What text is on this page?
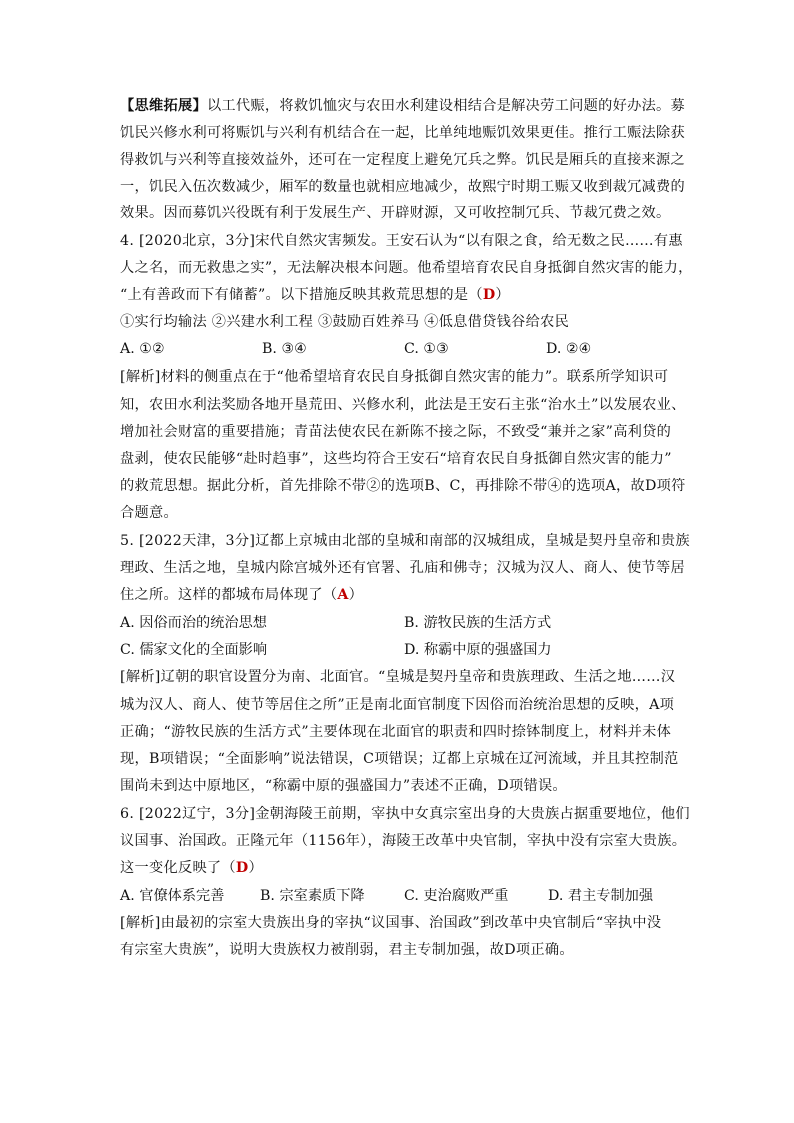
【思维拓展】以工代赈，将救饥恤灾与农田水利建设相结合是解决劳工问题的好办法。募
饥民兴修水利可将赈饥与兴利有机结合在一起，比单纯地赈饥效果更佳。推行工赈法除获
得救饥与兴利等直接效益外，还可在一定程度上避免冗兵之弊。饥民是厢兵的直接来源之
一，饥民入伍次数减少，厢军的数量也就相应地减少，故熙宁时期工赈又收到裁冗减费的
效果。因而募饥兴役既有利于发展生产、开辟财源，又可收控制冗兵、节裁冗费之效。
4. [2020北京，3分]宋代自然灾害频发。王安石认为“以有限之食，给无数之民……有惠
人之名，而无救患之实”，无法解决根本问题。他希望培育农民自身抵御自然灾害的能力，
“上有善政而下有储蓄”。以下措施反映其救荒思想的是（D）
①实行均输法 ②兴建水利工程 ③鼓励百姓养马 ④低息借贷钱谷给农民
A. ①②	B. ③④	C. ①③	D. ②④
[解析]材料的侧重点在于“他希望培育农民自身抵御自然灾害的能力”。联系所学知识可
知，农田水利法奖励各地开垦荒田、兴修水利，此法是王安石主张“治水土”以发展农业、
增加社会财富的重要措施；青苗法使农民在新陈不接之际，不致受“兼并之家”高利贷的
盘剥，使农民能够“赴时趋事”，这些均符合王安石“培育农民自身抵御自然灾害的能力”
的救荒思想。据此分析，首先排除不带②的选项B、C，再排除不带④的选项A，故D项符
合题意。
5. [2022天津，3分]辽都上京城由北部的皇城和南部的汉城组成，皇城是契丹皇帝和贵族
理政、生活之地，皇城内除宫城外还有官署、孔庙和佛寺；汉城为汉人、商人、使节等居
住之所。这样的都城布局体现了（A）
A. 因俗而治的统治思想	B. 游牧民族的生活方式
C. 儒家文化的全面影响	D. 称霸中原的强盛国力
[解析]辽朝的职官设置分为南、北面官。“皇城是契丹皇帝和贵族理政、生活之地……汉
城为汉人、商人、使节等居住之所”正是南北面官制度下因俗而治统治思想的反映，A项
正确；“游牧民族的生活方式”主要体现在北面官的职责和四时捺钵制度上，材料并未体
现，B项错误；“全面影响”说法错误，C项错误；辽都上京城在辽河流域，并且其控制范
围尚未到达中原地区，“称霸中原的强盛国力”表述不正确，D项错误。
6. [2022辽宁，3分]金朝海陵王前期，宰执中女真宗室出身的大贵族占据重要地位，他们
议国事、治国政。正隆元年（1156年），海陵王改革中央官制，宰执中没有宗室大贵族。
这一变化反映了（D）
A. 官僚体系完善	B. 宗室素质下降	C. 吏治腐败严重	D. 君主专制加强
[解析]由最初的宗室大贵族出身的宰执“议国事、治国政”到改革中央官制后“宰执中没
有宗室大贵族”，说明大贵族权力被削弱，君主专制加强，故D项正确。
